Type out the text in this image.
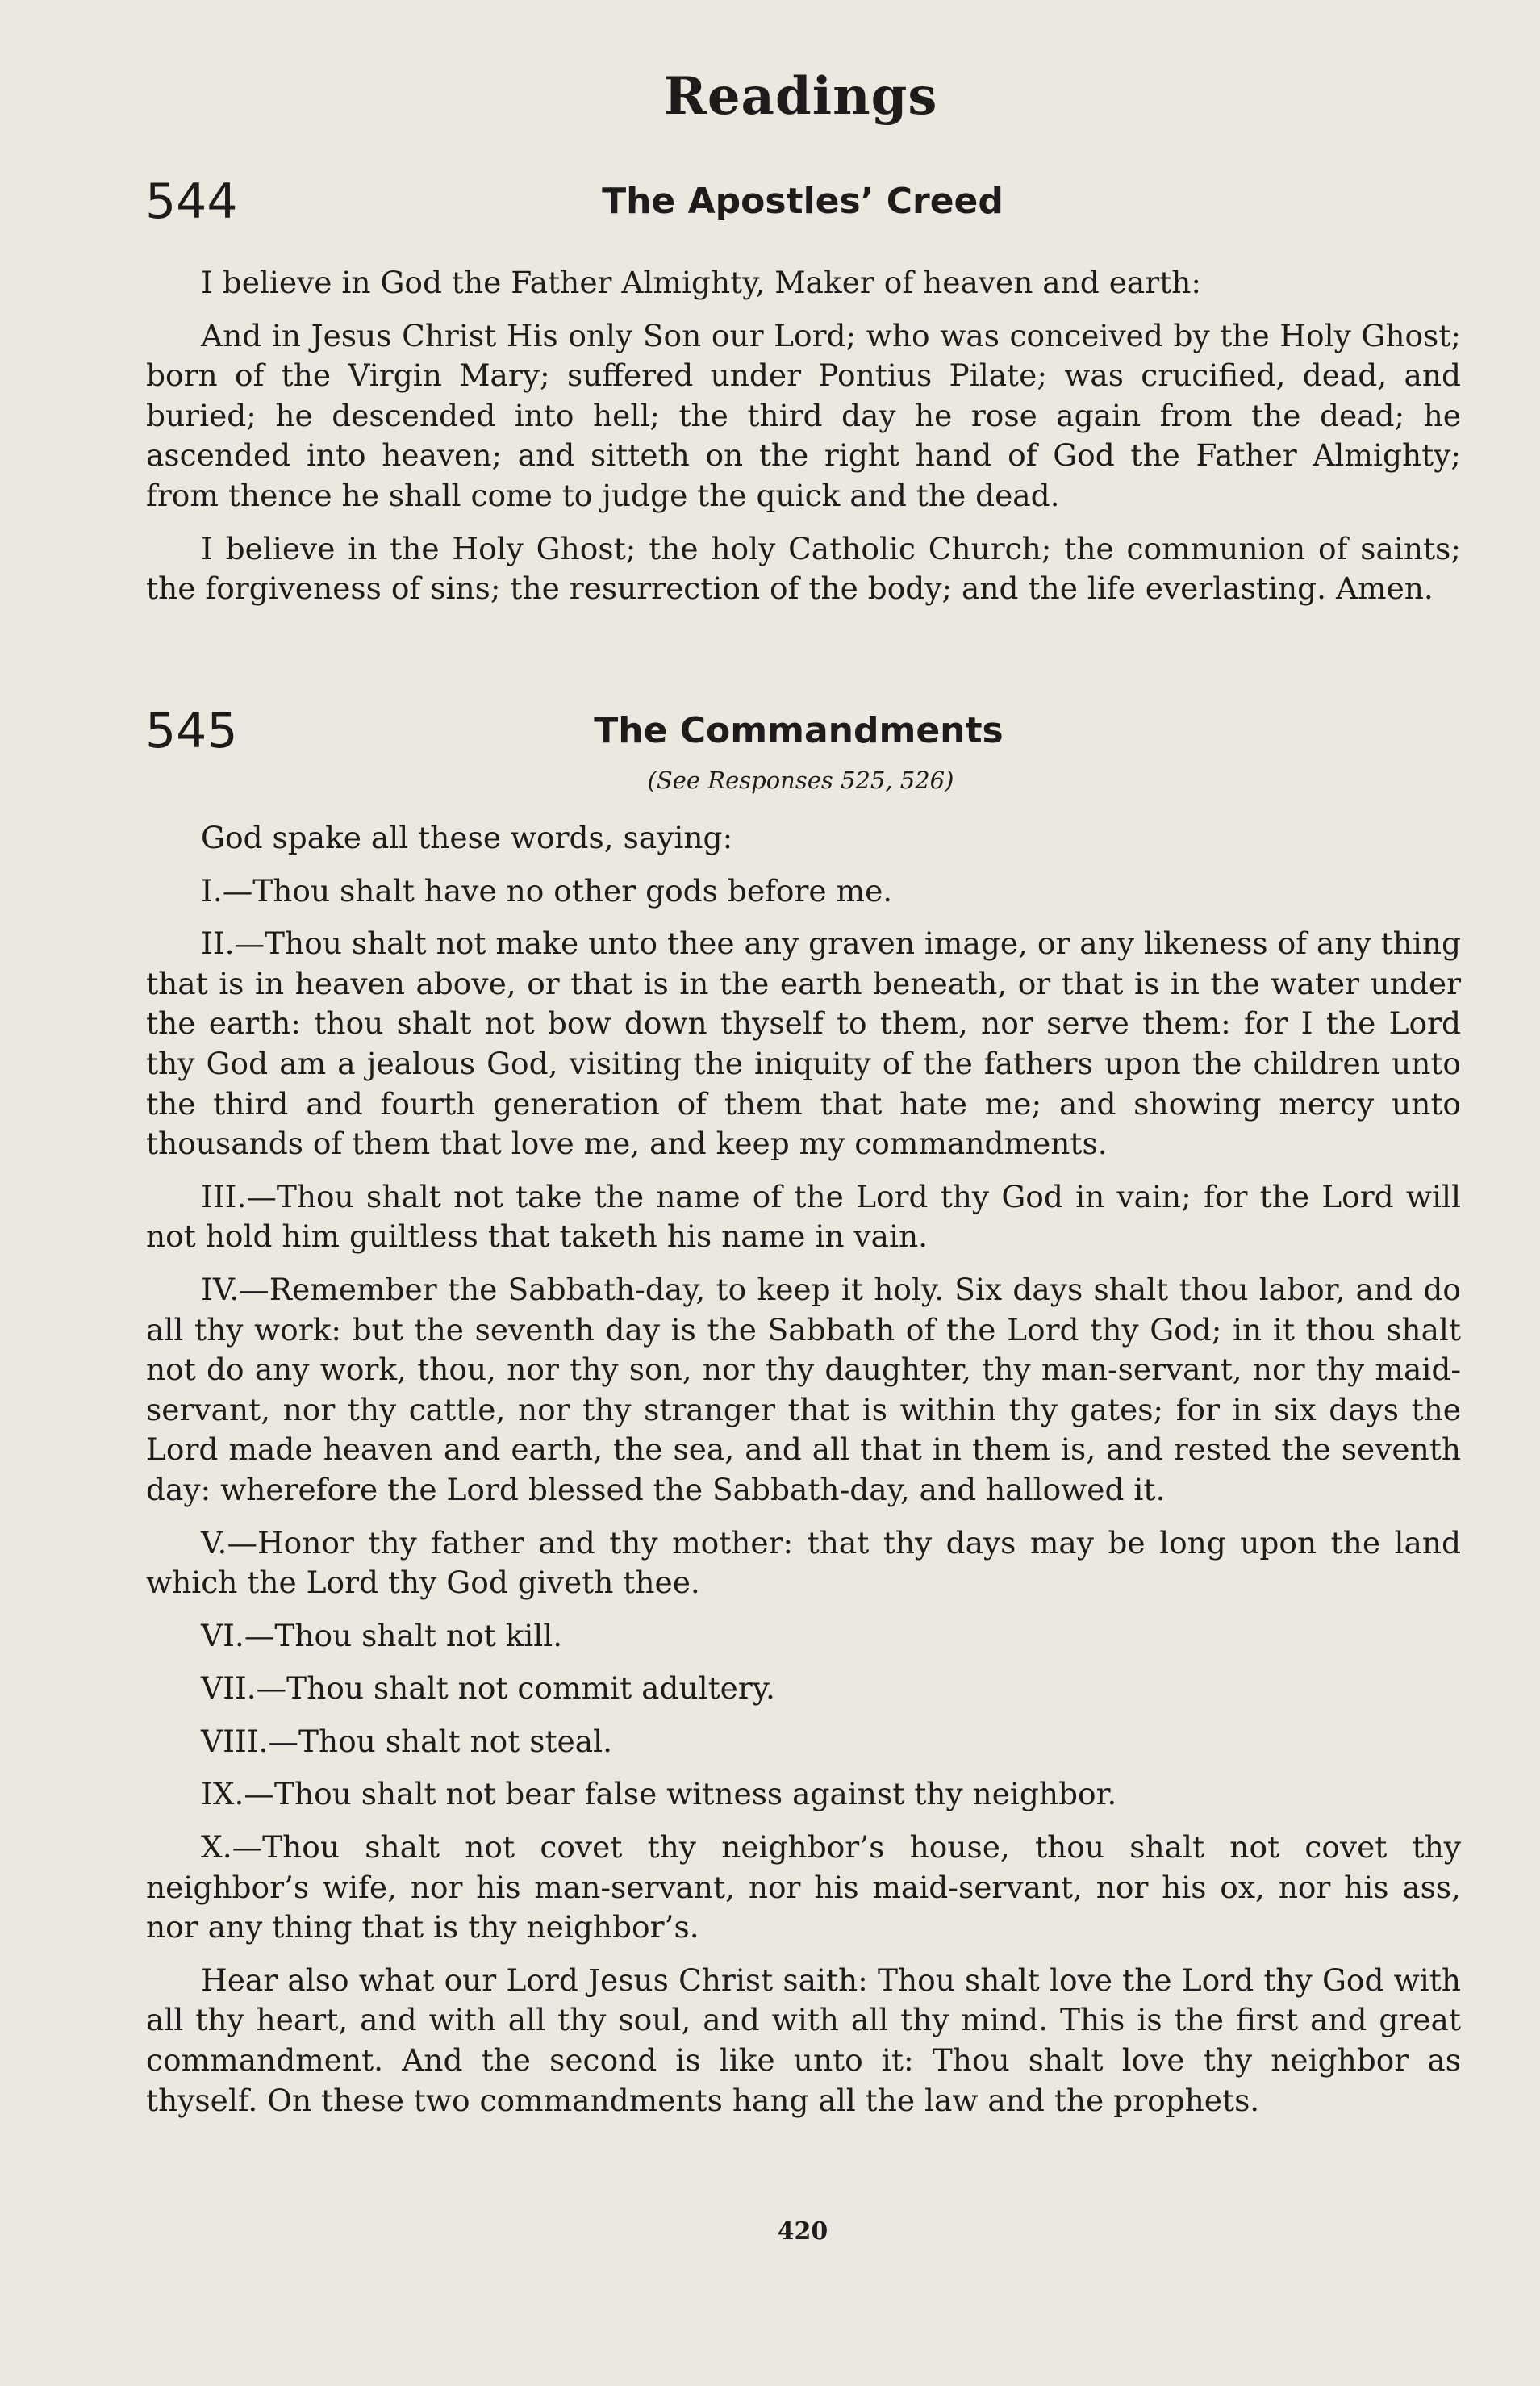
Readings
544	The Apostles’ Creed

I believe in God the Father Almighty, Maker of heaven and earth:

And in Jesus Christ His only Son our Lord; who was conceived by the Holy Ghost; born of the Virgin Mary; suffered under Pontius Pilate; was crucified, dead, and buried; he descended into hell; the third day he rose again from the dead; he ascended into heaven; and sitteth on the right hand of God the Father Almighty; from thence he shall come to judge the quick and the dead.

I believe in the Holy Ghost; the holy Catholic Church; the communion of saints; the forgiveness of sins; the resurrection of the body; and the life everlasting. Amen.

545	The Commandments
(See Responses 525, 526)

God spake all these words, saying:

I.—Thou shalt have no other gods before me.

II.—Thou shalt not make unto thee any graven image, or any likeness of any thing that is in heaven above, or that is in the earth beneath, or that is in the water under the earth: thou shalt not bow down thyself to them, nor serve them: for I the Lord thy God am a jealous God, visiting the iniquity of the fathers upon the children unto the third and fourth generation of them that hate me; and showing mercy unto thousands of them that love me, and keep my commandments.

III.—Thou shalt not take the name of the Lord thy God in vain; for the Lord will not hold him guiltless that taketh his name in vain.

IV.—Remember the Sabbath-day, to keep it holy. Six days shalt thou labor, and do all thy work: but the seventh day is the Sabbath of the Lord thy God; in it thou shalt not do any work, thou, nor thy son, nor thy daughter, thy man-servant, nor thy maid-servant, nor thy cattle, nor thy stranger that is within thy gates; for in six days the Lord made heaven and earth, the sea, and all that in them is, and rested the seventh day: wherefore the Lord blessed the Sabbath-day, and hallowed it.

V.—Honor thy father and thy mother: that thy days may be long upon the land which the Lord thy God giveth thee.

VI.—Thou shalt not kill.

VII.—Thou shalt not commit adultery.

VIII.—Thou shalt not steal.

IX.—Thou shalt not bear false witness against thy neighbor.

X.—Thou shalt not covet thy neighbor’s house, thou shalt not covet thy neighbor’s wife, nor his man-servant, nor his maid-servant, nor his ox, nor his ass, nor any thing that is thy neighbor’s.

Hear also what our Lord Jesus Christ saith: Thou shalt love the Lord thy God with all thy heart, and with all thy soul, and with all thy mind. This is the first and great commandment. And the second is like unto it: Thou shalt love thy neighbor as thyself. On these two commandments hang all the law and the prophets.

420
